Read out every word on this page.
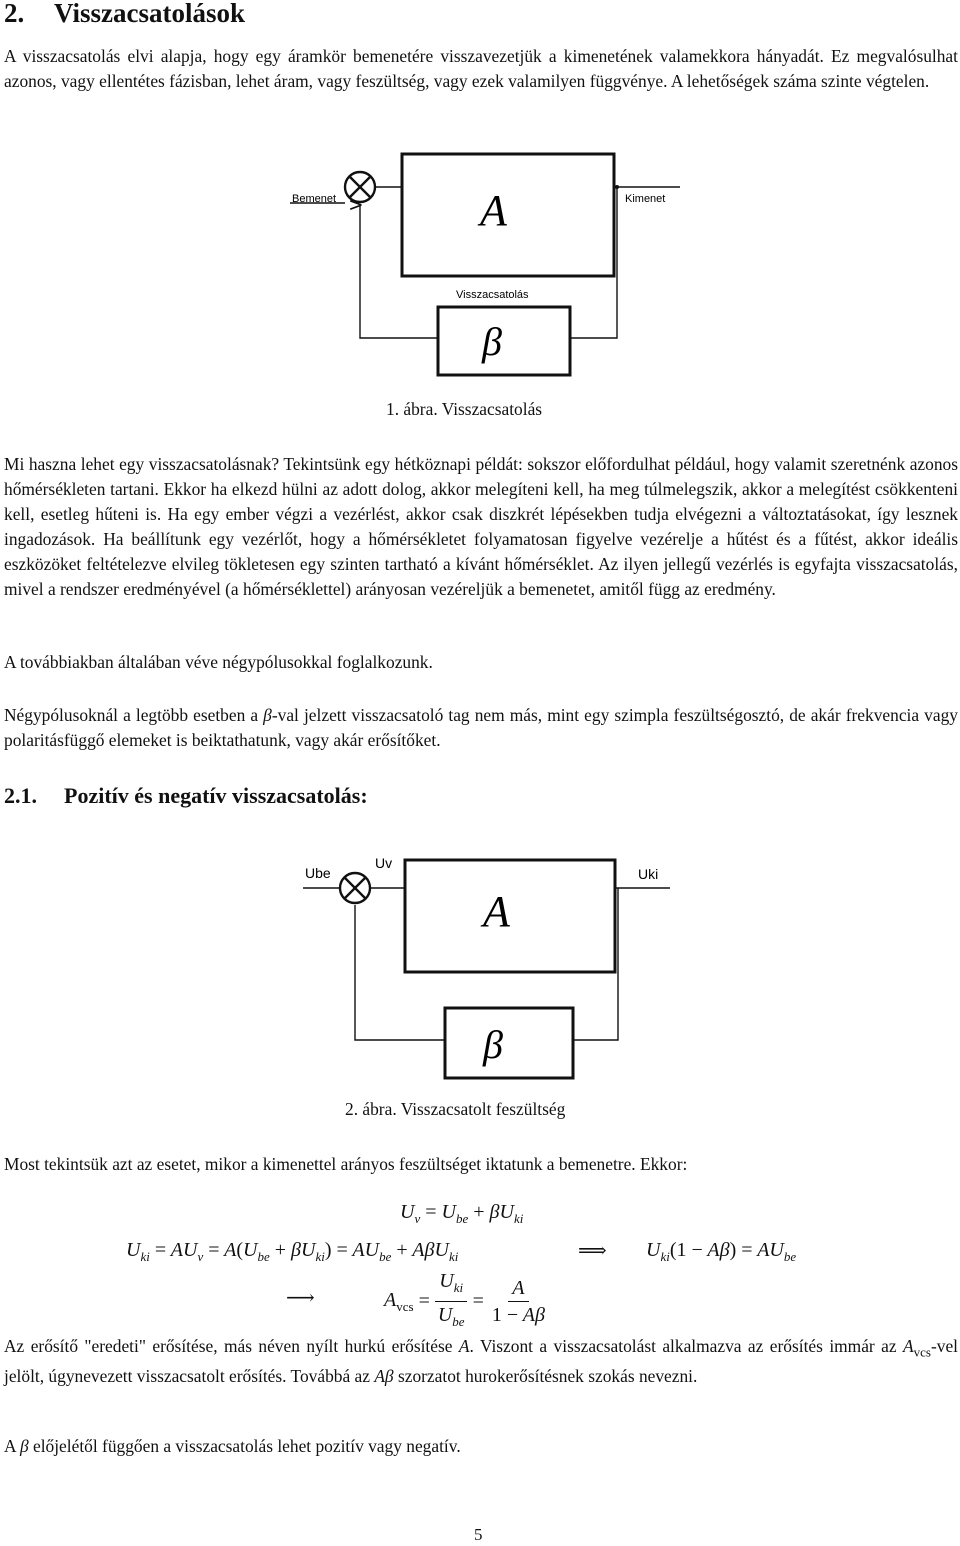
2. Visszacsatolások
A visszacsatolás elvi alapja, hogy egy áramkör bemenetére visszavezetjük a kimenetének valamekkora hányadát. Ez megvalósulhat azonos, vagy ellentétes fázisban, lehet áram, vagy feszültség, vagy ezek valamilyen függvénye. A lehetőségek száma szinte végtelen.
Bemenet	Kimenet
Visszacsatolás
A
β
1. ábra. Visszacsatolás
Mi haszna lehet egy visszacsatolásnak? Tekintsünk egy hétköznapi példát: sokszor előfordulhat például, hogy valamit szeretnénk azonos hőmérsékleten tartani. Ekkor ha elkezd hülni az adott dolog, akkor melegíteni kell, ha meg túlmelegszik, akkor a melegítést csökkenteni kell, esetleg hűteni is. Ha egy ember végzi a vezérlést, akkor csak diszkrét lépésekben tudja elvégezni a változtatásokat, így lesznek ingadozások. Ha beállítunk egy vezérlőt, hogy a hőmérsékletet folyamatosan figyelve vezérelje a hűtést és a fűtést, akkor ideális eszközöket feltételezve elvileg tökletesen egy szinten tartható a kívánt hőmérséklet. Az ilyen jellegű vezérlés is egyfajta visszacsatolás, mivel a rendszer eredményével (a hőmérséklettel) arányosan vezéreljük a bemenetet, amitől függ az eredmény.
A továbbiakban általában véve négypólusokkal foglalkozunk.
Négypólusoknál a legtöbb esetben a β-val jelzett visszacsatoló tag nem más, mint egy szimpla feszültségosztó, de akár frekvencia vagy polaritásfüggő elemeket is beiktathatunk, vagy akár erősítőket.
2.1. Pozitív és negatív visszacsatolás:
Ube
Uv
Uki
A
β
2. ábra. Visszacsatolt feszültség
Most tekintsük azt az esetet, mikor a kimenettel arányos feszültséget iktatunk a bemenetre. Ekkor:
$U_v = U_{be} + \beta U_{ki}$
$U_{ki} = AU_v = A(U_{be} + \beta U_{ki}) = AU_{be} + A\beta U_{ki}$	⟹ $U_{ki}(1 - A\beta) = AU_{be}$
⟶	$A_{vcs}$
= $\frac{U_{ki}}{U_{be}} = \frac{A}{1 - A\beta}$
Az erősítő "eredeti" erősítése, más néven nyílt hurkú erősítése A. Viszont a visszacsatolást alkalmazva az erősítés immár az $A_{vcs}$-vel jelölt, úgynevezett visszacsatolt erősítés. Továbbá az Aβ szorzatot hurokerősítésnek szokás nevezni.
A β előjelétől függően a visszacsatolás lehet pozitív vagy negatív.
5
